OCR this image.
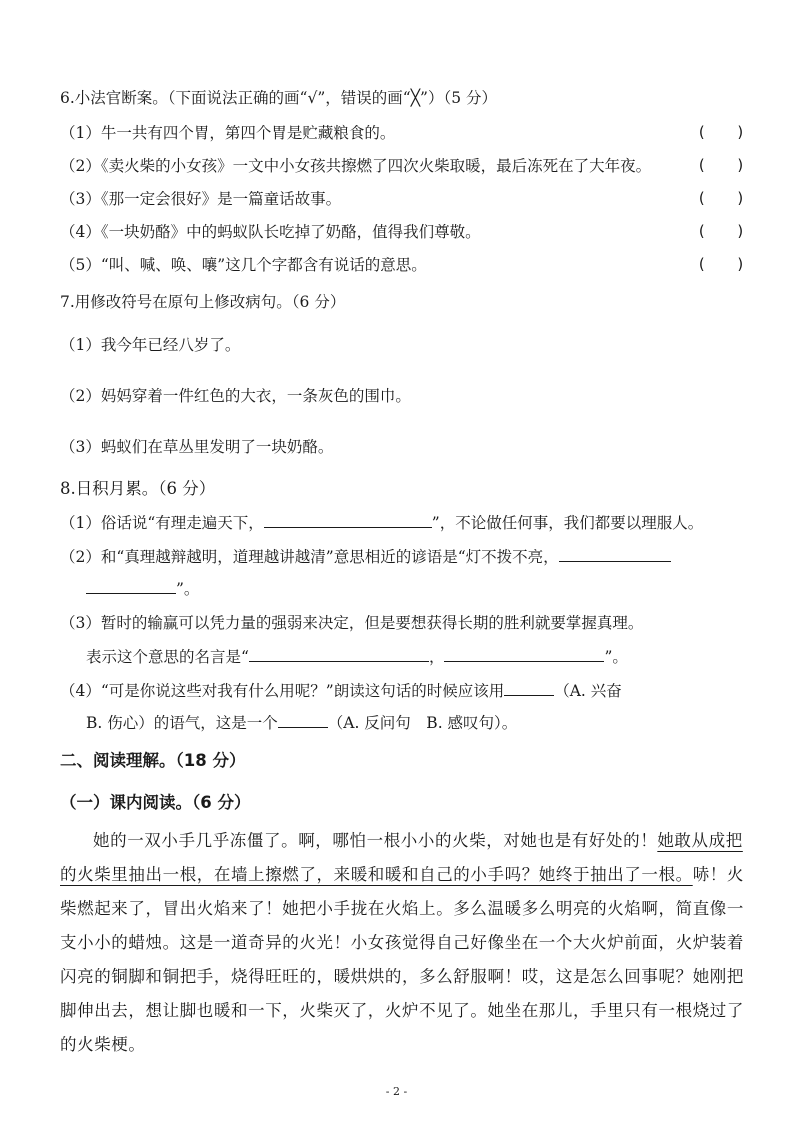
6.小法官断案。（下面说法正确的画“√”，错误的画“╳”）（5 分）
（1）牛一共有四个胃，第四个胃是贮藏粮食的。	(　　)
（2）《卖火柴的小女孩》一文中小女孩共擦燃了四次火柴取暖，最后冻死在了大年夜。	(　　)
（3）《那一定会很好》是一篇童话故事。	(　　)
（4）《一块奶酪》中的蚂蚁队长吃掉了奶酪，值得我们尊敬。	(　　)
（5）“叫、喊、唤、嚷”这几个字都含有说话的意思。	(　　)
7.用修改符号在原句上修改病句。（6 分）
（1）我今年已经八岁了。
（2）妈妈穿着一件红色的大衣，一条灰色的围巾。
（3）蚂蚁们在草丛里发明了一块奶酪。
8.日积月累。（6 分）
（1）俗话说“有理走遍天下，	”，不论做任何事，我们都要以理服人。
（2）和“真理越辩越明，道理越讲越清”意思相近的谚语是“灯不拨不亮，
”。
（3）暂时的输赢可以凭力量的强弱来决定，但是要想获得长期的胜利就要掌握真理。
表示这个意思的名言是“	，	”。
（4）“可是你说这些对我有什么用呢？”朗读这句话的时候应该用	（A. 兴奋
B. 伤心）的语气，这是一个	（A. 反问句　B. 感叹句）。
二、阅读理解。（18 分）
（一）课内阅读。（6 分）
她的一双小手几乎冻僵了。啊，哪怕一根小小的火柴，对她也是有好处的！她敢从成把的火柴里抽出一根，在墙上擦燃了，来暖和暖和自己的小手吗？她终于抽出了一根。哧！火柴燃起来了，冒出火焰来了！她把小手拢在火焰上。多么温暖多么明亮的火焰啊，简直像一支小小的蜡烛。这是一道奇异的火光！小女孩觉得自己好像坐在一个大火炉前面，火炉装着闪亮的铜脚和铜把手，烧得旺旺的，暖烘烘的，多么舒服啊！哎，这是怎么回事呢？她刚把脚伸出去，想让脚也暖和一下，火柴灭了，火炉不见了。她坐在那儿，手里只有一根烧过了的火柴梗。
- 2 -
